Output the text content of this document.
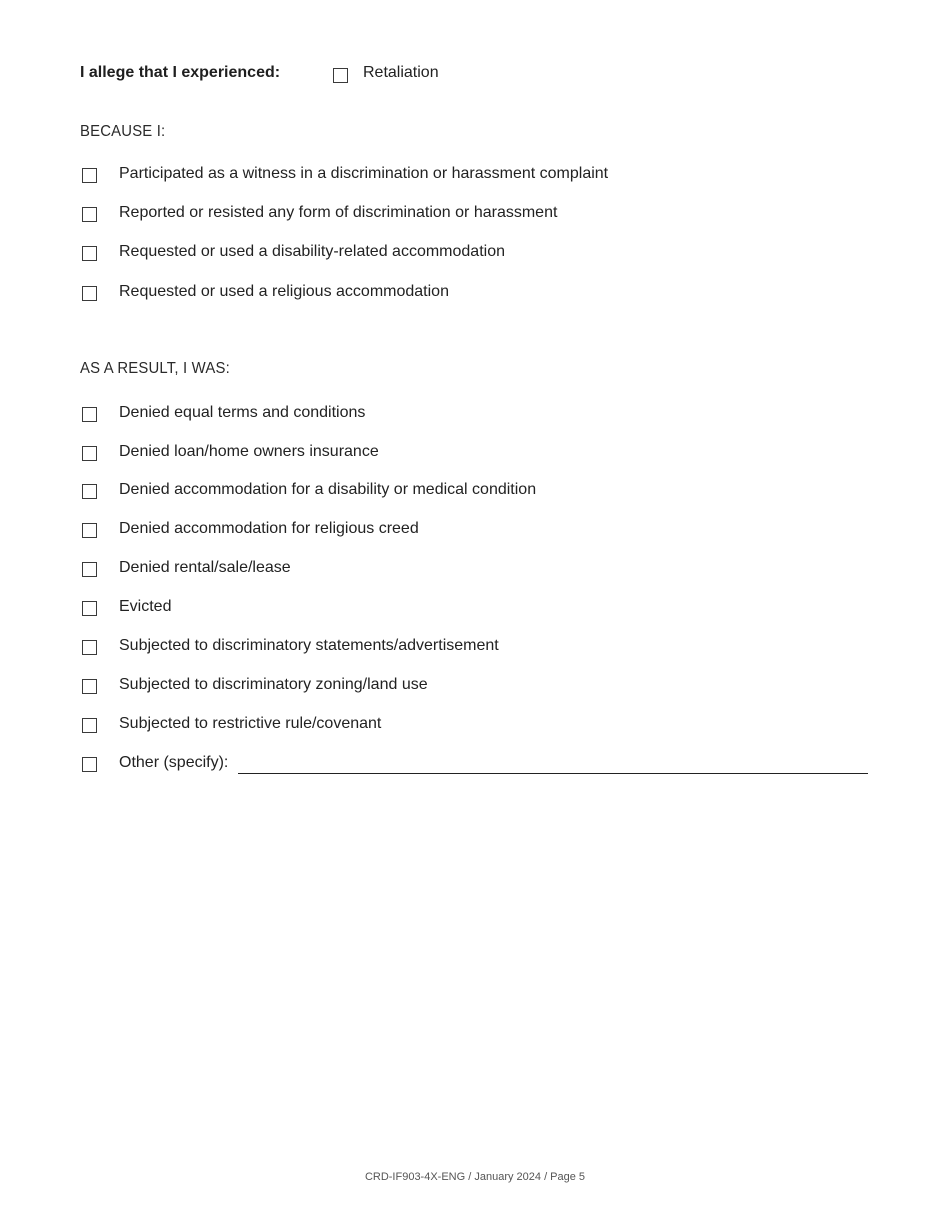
I allege that I experienced:	Retaliation
BECAUSE I:
Participated as a witness in a discrimination or harassment complaint
Reported or resisted any form of discrimination or harassment
Requested or used a disability-related accommodation
Requested or used a religious accommodation
AS A RESULT, I WAS:
Denied equal terms and conditions
Denied loan/home owners insurance
Denied accommodation for a disability or medical condition
Denied accommodation for religious creed
Denied rental/sale/lease
Evicted
Subjected to discriminatory statements/advertisement
Subjected to discriminatory zoning/land use
Subjected to restrictive rule/covenant
Other (specify):
CRD-IF903-4X-ENG / January 2024 / Page 5
